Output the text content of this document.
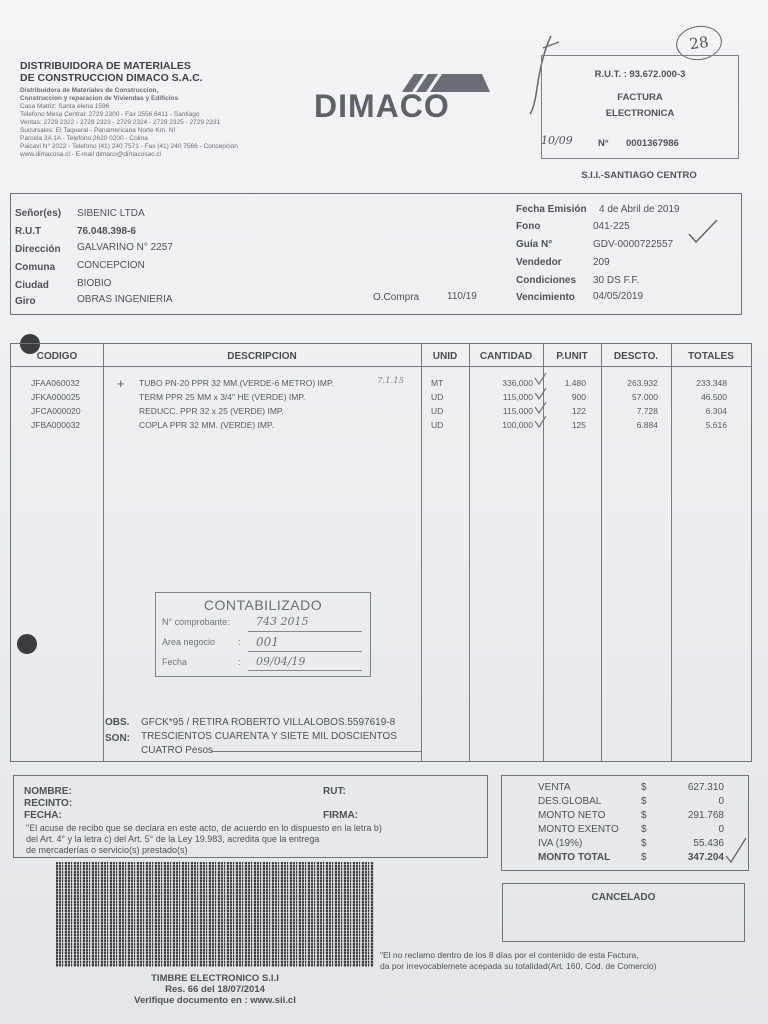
DISTRIBUIDORA DE MATERIALES
DE CONSTRUCCION DIMACO S.A.C.
Distribuidora de Materiales de Construccion,
Construccion y reparacion de Viviendas y Edificios
Casa Matriz: Santa elena 1596
Telefono Mesa Central: 2729 2300 - Fax 2556 6411 - Santiago
Ventas: 2729 2322 - 2729 2323 - 2729 2324 - 2729 2325 - 2729 2331
Sucursales: El Taqueral - Panamericana Norte Km. NI
Parcela 3A 1A - Telefono 2620 0200 - Colina
Paicavi N° 2022 - Telefono (41) 240 7571 - Fax (41) 240 7566 - Concepcion
www.dimacosa.cl - E-mail dimaco@dimacosac.cl
DIMACO
28
R.U.T. : 93.672.000-3
FACTURA
ELECTRONICA
10/09	N° 0001367986
S.I.I.-SANTIAGO CENTRO
Señor(es) SIBENIC LTDA
R.U.T	76.048.398-6
Dirección GALVARINO N° 2257
Comuna CONCEPCION
Ciudad	BIOBIO
Giro	OBRAS INGENIERIA	O.Compra	110/19
Fecha Emisión 4 de Abril de 2019
Fono	041-225
Guía N°	GDV-0000722557
Vendedor	209
Condiciones 30 DS F.F.
Vencimiento 04/05/2019
CODIGO	DESCRIPCION	UNID	CANTIDAD	P.UNIT	DESCTO.	TOTALES
JFAA060032	+ TUBO PN-20 PPR 32 MM.(VERDE-6 METRO) IMP.	7.1.15	MT	336,000	1.480	263.932	233.348
JFKA000025	TERM PPR 25 MM x 3/4" HE (VERDE) IMP.	UD	115,000	900	57.000	46.500
JFCA000020	REDUCC. PPR 32 x 25 (VERDE) IMP.	UD	115,000	122	7.728	6.304
JFBA000032	COPLA PPR 32 MM. (VERDE) IMP.	UD	100,000	125	6.884	5.616
OBS. GFCK*95 / RETIRA ROBERTO VILLALOBOS.5597619-8
SON: TRESCIENTOS CUARENTA Y SIETE MIL DOSCIENTOS
CUATRO Pesos
CONTABILIZADO
N° comprobante: 743 2015
Area negocio	: 001
Fecha	: 09/04/19
NOMBRE:
RECINTO:
FECHA:
RUT:
FIRMA:
"El acuse de recibo que se declara en este acto, de acuerdo en lo dispuesto en la letra b)
del Art. 4° y la letra c) del Art. 5° de la Ley 19.983, acredita que la entrega
de mercaderías o servicio(s) prestado(s)
VENTA	$	627.310
DES.GLOBAL	$	0
MONTO NETO	$	291.768
MONTO EXENTO $	0
IVA (19%)	$	55.436
MONTO TOTAL	$	347.204
CANCELADO
TIMBRE ELECTRONICO S.I.I
Res. 66 del 18/07/2014
Verifique documento en : www.sii.cl
"El no reclamo dentro de los 8 días por el contenido de esta Factura,
da por irrevocablemete acepada su totalidad(Art. 160, Cód. de Comercio)
